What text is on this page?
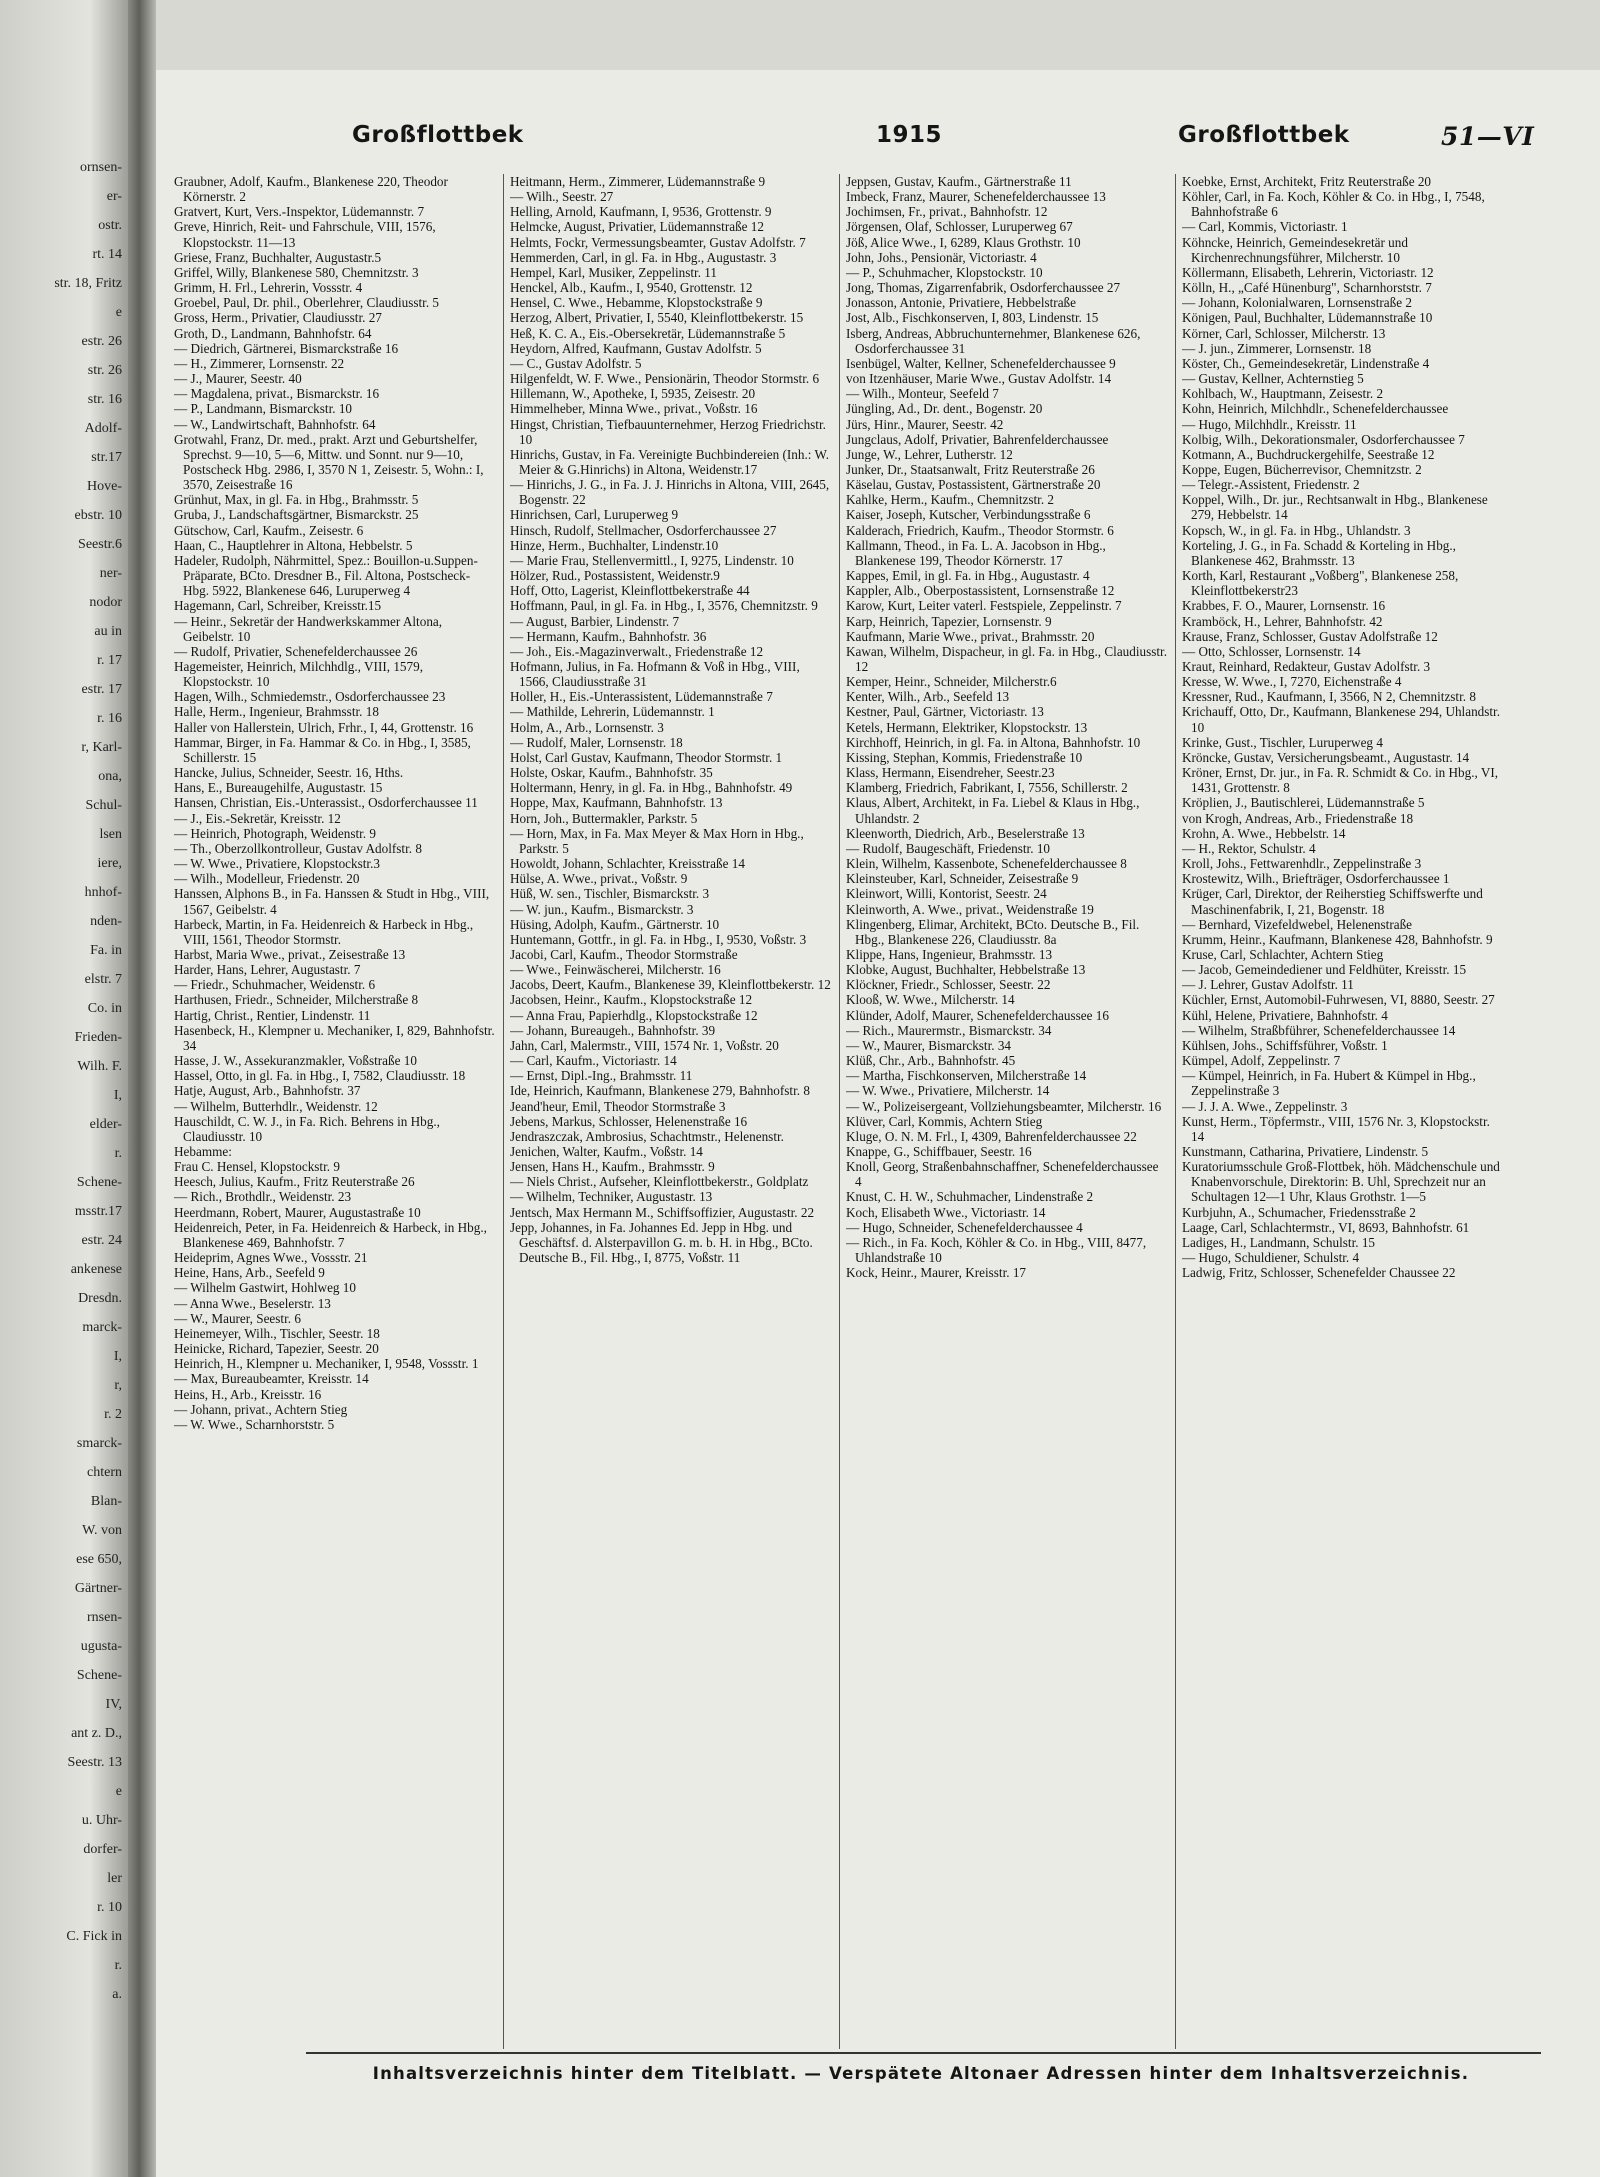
ornsen-
er-
ostr.
rt. 14
str. 18, Fritz
e
estr. 26
str. 26
str. 16
Adolf-
str.17
Hove-
ebstr. 10
Seestr.6
ner-
nodor
au in
r. 17
estr. 17
r. 16
r, Karl-
ona,
Schul-
lsen
iere,
hnhof-
nden-
Fa. in
elstr. 7
Co. in
Frieden-
Wilh. F.
I,
elder-
r.
Schene-
msstr.17
estr. 24
ankenese
Dresdn.
marck-
I,
r,
r. 2
smarck-
chtern
Blan-
W. von
ese 650,
Gärtner-
rnsen-
ugusta-
Schene-
IV,
ant z. D.,
Seestr. 13
e
u. Uhr-
dorfer-
ler
r. 10
C. Fick in
r.
a.
Großflottbek	1915	Großflottbek	51—VI

Graubner, Adolf, Kaufm., Blankenese 220, Theodor Körnerstr. 2

Gratvert, Kurt, Vers.-Inspektor, Lüdemannstr. 7

Greve, Hinrich, Reit- und Fahrschule, VIII, 1576, Klopstockstr. 11—13

Griese, Franz, Buchhalter, Augustastr.5

Griffel, Willy, Blankenese 580, Chemnitzstr. 3

Grimm, H. Frl., Lehrerin, Vossstr. 4

Groebel, Paul, Dr. phil., Oberlehrer, Claudiusstr. 5

Gross, Herm., Privatier, Claudiusstr. 27

Groth, D., Landmann, Bahnhofstr. 64

— Diedrich, Gärtnerei, Bismarckstraße 16

— H., Zimmerer, Lornsenstr. 22

— J., Maurer, Seestr. 40

— Magdalena, privat., Bismarckstr. 16

— P., Landmann, Bismarckstr. 10

— W., Landwirtschaft, Bahnhofstr. 64

Grotwahl, Franz, Dr. med., prakt. Arzt und Geburtshelfer, Sprechst. 9—10, 5—6, Mittw. und Sonnt. nur 9—10, Postscheck Hbg. 2986, I, 3570 N 1, Zeisestr. 5, Wohn.: I, 3570, Zeisestraße 16

Grünhut, Max, in gl. Fa. in Hbg., Brahmsstr. 5

Gruba, J., Landschaftsgärtner, Bismarckstr. 25

Gütschow, Carl, Kaufm., Zeisestr. 6

Haan, C., Hauptlehrer in Altona, Hebbelstr. 5

Hadeler, Rudolph, Nährmittel, Spez.: Bouillon-u.Suppen-Präparate, BCto. Dresdner B., Fil. Altona, Postscheck- Hbg. 5922, Blankenese 646, Luruperweg 4

Hagemann, Carl, Schreiber, Kreisstr.15

— Heinr., Sekretär der Handwerkskammer Altona, Geibelstr. 10

— Rudolf, Privatier, Schenefelderchaussee 26

Hagemeister, Heinrich, Milchhdlg., VIII, 1579, Klopstockstr. 10

Hagen, Wilh., Schmiedemstr., Osdorferchaussee 23

Halle, Herm., Ingenieur, Brahmsstr. 18

Haller von Hallerstein, Ulrich, Frhr., I, 44, Grottenstr. 16

Hammar, Birger, in Fa. Hammar & Co. in Hbg., I, 3585, Schillerstr. 15

Hancke, Julius, Schneider, Seestr. 16, Hths.

Hans, E., Bureaugehilfe, Augustastr. 15

Hansen, Christian, Eis.-Unterassist., Osdorferchaussee 11

— J., Eis.-Sekretär, Kreisstr. 12

— Heinrich, Photograph, Weidenstr. 9

— Th., Oberzollkontrolleur, Gustav Adolfstr. 8

— W. Wwe., Privatiere, Klopstockstr.3

— Wilh., Modelleur, Friedenstr. 20

Hanssen, Alphons B., in Fa. Hanssen & Studt in Hbg., VIII, 1567, Geibelstr. 4

Harbeck, Martin, in Fa. Heidenreich & Harbeck in Hbg., VIII, 1561, Theodor Stormstr.

Harbst, Maria Wwe., privat., Zeisestraße 13

Harder, Hans, Lehrer, Augustastr. 7

— Friedr., Schuhmacher, Weidenstr. 6

Harthusen, Friedr., Schneider, Milcherstraße 8

Hartig, Christ., Rentier, Lindenstr. 11

Hasenbeck, H., Klempner u. Mechaniker, I, 829, Bahnhofstr. 34

Hasse, J. W., Assekuranzmakler, Voßstraße 10

Hassel, Otto, in gl. Fa. in Hbg., I, 7582, Claudiusstr. 18

Hatje, August, Arb., Bahnhofstr. 37

— Wilhelm, Butterhdlr., Weidenstr. 12

Hauschildt, C. W. J., in Fa. Rich. Behrens in Hbg., Claudiusstr. 10

Hebamme:

Frau C. Hensel, Klopstockstr. 9

Heesch, Julius, Kaufm., Fritz Reuterstraße 26

— Rich., Brothdlr., Weidenstr. 23

Heerdmann, Robert, Maurer, Augustastraße 10

Heidenreich, Peter, in Fa. Heidenreich & Harbeck, in Hbg., Blankenese 469, Bahnhofstr. 7

Heideprim, Agnes Wwe., Vossstr. 21

Heine, Hans, Arb., Seefeld 9

— Wilhelm Gastwirt, Hohlweg 10

— Anna Wwe., Beselerstr. 13

— W., Maurer, Seestr. 6

Heinemeyer, Wilh., Tischler, Seestr. 18

Heinicke, Richard, Tapezier, Seestr. 20

Heinrich, H., Klempner u. Mechaniker, I, 9548, Vossstr. 1

— Max, Bureaubeamter, Kreisstr. 14

Heins, H., Arb., Kreisstr. 16

— Johann, privat., Achtern Stieg

— W. Wwe., Scharnhorststr. 5

Heitmann, Herm., Zimmerer, Lüdemannstraße 9

— Wilh., Seestr. 27

Helling, Arnold, Kaufmann, I, 9536, Grottenstr. 9

Helmcke, August, Privatier, Lüdemannstraße 12

Helmts, Fockr, Vermessungsbeamter, Gustav Adolfstr. 7

Hemmerden, Carl, in gl. Fa. in Hbg., Augustastr. 3

Hempel, Karl, Musiker, Zeppelinstr. 11

Henckel, Alb., Kaufm., I, 9540, Grottenstr. 12

Hensel, C. Wwe., Hebamme, Klopstockstraße 9

Herzog, Albert, Privatier, I, 5540, Kleinflottbekerstr. 15

Heß, K. C. A., Eis.-Obersekretär, Lüdemannstraße 5

Heydorn, Alfred, Kaufmann, Gustav Adolfstr. 5

— C., Gustav Adolfstr. 5

Hilgenfeldt, W. F. Wwe., Pensionärin, Theodor Stormstr. 6

Hillemann, W., Apotheke, I, 5935, Zeisestr. 20

Himmelheber, Minna Wwe., privat., Voßstr. 16

Hingst, Christian, Tiefbauunternehmer, Herzog Friedrichstr. 10

Hinrichs, Gustav, in Fa. Vereinigte Buchbindereien (Inh.: W. Meier & G.Hinrichs) in Altona, Weidenstr.17

— Hinrichs, J. G., in Fa. J. J. Hinrichs in Altona, VIII, 2645, Bogenstr. 22

Hinrichsen, Carl, Luruperweg 9

Hinsch, Rudolf, Stellmacher, Osdorferchaussee 27

Hinze, Herm., Buchhalter, Lindenstr.10

— Marie Frau, Stellenvermittl., I, 9275, Lindenstr. 10

Hölzer, Rud., Postassistent, Weidenstr.9

Hoff, Otto, Lagerist, Kleinflottbekerstraße 44

Hoffmann, Paul, in gl. Fa. in Hbg., I, 3576, Chemnitzstr. 9

— August, Barbier, Lindenstr. 7

— Hermann, Kaufm., Bahnhofstr. 36

— Joh., Eis.-Magazinverwalt., Friedenstraße 12

Hofmann, Julius, in Fa. Hofmann & Voß in Hbg., VIII, 1566, Claudiusstraße 31

Holler, H., Eis.-Unterassistent, Lüdemannstraße 7

— Mathilde, Lehrerin, Lüdemannstr. 1

Holm, A., Arb., Lornsenstr. 3

— Rudolf, Maler, Lornsenstr. 18

Holst, Carl Gustav, Kaufmann, Theodor Stormstr. 1

Holste, Oskar, Kaufm., Bahnhofstr. 35

Holtermann, Henry, in gl. Fa. in Hbg., Bahnhofstr. 49

Hoppe, Max, Kaufmann, Bahnhofstr. 13

Horn, Joh., Buttermakler, Parkstr. 5

— Horn, Max, in Fa. Max Meyer & Max Horn in Hbg., Parkstr. 5

Howoldt, Johann, Schlachter, Kreisstraße 14

Hülse, A. Wwe., privat., Voßstr. 9

Hüß, W. sen., Tischler, Bismarckstr. 3

— W. jun., Kaufm., Bismarckstr. 3

Hüsing, Adolph, Kaufm., Gärtnerstr. 10

Huntemann, Gottfr., in gl. Fa. in Hbg., I, 9530, Voßstr. 3

Jacobi, Carl, Kaufm., Theodor Stormstraße

— Wwe., Feinwäscherei, Milcherstr. 16

Jacobs, Deert, Kaufm., Blankenese 39, Kleinflottbekerstr. 12

Jacobsen, Heinr., Kaufm., Klopstockstraße 12

— Anna Frau, Papierhdlg., Klopstockstraße 12

— Johann, Bureaugeh., Bahnhofstr. 39

Jahn, Carl, Malermstr., VIII, 1574 Nr. 1, Voßstr. 20

— Carl, Kaufm., Victoriastr. 14

— Ernst, Dipl.-Ing., Brahmsstr. 11

Ide, Heinrich, Kaufmann, Blankenese 279, Bahnhofstr. 8

Jeand'heur, Emil, Theodor Stormstraße 3

Jebens, Markus, Schlosser, Helenenstraße 16

Jendraszczak, Ambrosius, Schachtmstr., Helenenstr.

Jenichen, Walter, Kaufm., Voßstr. 14

Jensen, Hans H., Kaufm., Brahmsstr. 9

— Niels Christ., Aufseher, Kleinflottbekerstr., Goldplatz

— Wilhelm, Techniker, Augustastr. 13

Jentsch, Max Hermann M., Schiffsoffizier, Augustastr. 22

Jepp, Johannes, in Fa. Johannes Ed. Jepp in Hbg. und Geschäftsf. d. Alsterpavillon G. m. b. H. in Hbg., BCto. Deutsche B., Fil. Hbg., I, 8775, Voßstr. 11

Jeppsen, Gustav, Kaufm., Gärtnerstraße 11

Imbeck, Franz, Maurer, Schenefelderchaussee 13

Jochimsen, Fr., privat., Bahnhofstr. 12

Jörgensen, Olaf, Schlosser, Luruperweg 67

Jöß, Alice Wwe., I, 6289, Klaus Grothstr. 10

John, Johs., Pensionär, Victoriastr. 4

— P., Schuhmacher, Klopstockstr. 10

Jong, Thomas, Zigarrenfabrik, Osdorferchaussee 27

Jonasson, Antonie, Privatiere, Hebbelstraße

Jost, Alb., Fischkonserven, I, 803, Lindenstr. 15

Isberg, Andreas, Abbruchunternehmer, Blankenese 626, Osdorferchaussee 31

Isenbügel, Walter, Kellner, Schenefelderchaussee 9

von Itzenhäuser, Marie Wwe., Gustav Adolfstr. 14

— Wilh., Monteur, Seefeld 7

Jüngling, Ad., Dr. dent., Bogenstr. 20

Jürs, Hinr., Maurer, Seestr. 42

Jungclaus, Adolf, Privatier, Bahrenfelderchaussee

Junge, W., Lehrer, Lutherstr. 12

Junker, Dr., Staatsanwalt, Fritz Reuterstraße 26

Käselau, Gustav, Postassistent, Gärtnerstraße 20

Kahlke, Herm., Kaufm., Chemnitzstr. 2

Kaiser, Joseph, Kutscher, Verbindungsstraße 6

Kalderach, Friedrich, Kaufm., Theodor Stormstr. 6

Kallmann, Theod., in Fa. L. A. Jacobson in Hbg., Blankenese 199, Theodor Körnerstr. 17

Kappes, Emil, in gl. Fa. in Hbg., Augustastr. 4

Kappler, Alb., Oberpostassistent, Lornsenstraße 12

Karow, Kurt, Leiter vaterl. Festspiele, Zeppelinstr. 7

Karp, Heinrich, Tapezier, Lornsenstr. 9

Kaufmann, Marie Wwe., privat., Brahmsstr. 20

Kawan, Wilhelm, Dispacheur, in gl. Fa. in Hbg., Claudiusstr. 12

Kemper, Heinr., Schneider, Milcherstr.6

Kenter, Wilh., Arb., Seefeld 13

Kestner, Paul, Gärtner, Victoriastr. 13

Ketels, Hermann, Elektriker, Klopstockstr. 13

Kirchhoff, Heinrich, in gl. Fa. in Altona, Bahnhofstr. 10

Kissing, Stephan, Kommis, Friedenstraße 10

Klass, Hermann, Eisendreher, Seestr.23

Klamberg, Friedrich, Fabrikant, I, 7556, Schillerstr. 2

Klaus, Albert, Architekt, in Fa. Liebel & Klaus in Hbg., Uhlandstr. 2

Kleenworth, Diedrich, Arb., Beselerstraße 13

— Rudolf, Baugeschäft, Friedenstr. 10

Klein, Wilhelm, Kassenbote, Schenefelderchaussee 8

Kleinsteuber, Karl, Schneider, Zeisestraße 9

Kleinwort, Willi, Kontorist, Seestr. 24

Kleinworth, A. Wwe., privat., Weidenstraße 19

Klingenberg, Elimar, Architekt, BCto. Deutsche B., Fil. Hbg., Blankenese 226, Claudiusstr. 8a

Klippe, Hans, Ingenieur, Brahmsstr. 13

Klobke, August, Buchhalter, Hebbelstraße 13

Klöckner, Friedr., Schlosser, Seestr. 22

Klooß, W. Wwe., Milcherstr. 14

Klünder, Adolf, Maurer, Schenefelderchaussee 16

— Rich., Maurermstr., Bismarckstr. 34

— W., Maurer, Bismarckstr. 34

Klüß, Chr., Arb., Bahnhofstr. 45

— Martha, Fischkonserven, Milcherstraße 14

— W. Wwe., Privatiere, Milcherstr. 14

— W., Polizeisergeant, Vollziehungsbeamter, Milcherstr. 16

Klüver, Carl, Kommis, Achtern Stieg

Kluge, O. N. M. Frl., I, 4309, Bahrenfelderchaussee 22

Knappe, G., Schiffbauer, Seestr. 16

Knoll, Georg, Straßenbahnschaffner, Schenefelderchaussee 4

Knust, C. H. W., Schuhmacher, Lindenstraße 2

Koch, Elisabeth Wwe., Victoriastr. 14

— Hugo, Schneider, Schenefelderchaussee 4

— Rich., in Fa. Koch, Köhler & Co. in Hbg., VIII, 8477, Uhlandstraße 10

Kock, Heinr., Maurer, Kreisstr. 17

Koebke, Ernst, Architekt, Fritz Reuterstraße 20

Köhler, Carl, in Fa. Koch, Köhler & Co. in Hbg., I, 7548, Bahnhofstraße 6

— Carl, Kommis, Victoriastr. 1

Köhncke, Heinrich, Gemeindesekretär und Kirchenrechnungsführer, Milcherstr. 10

Köllermann, Elisabeth, Lehrerin, Victoriastr. 12

Kölln, H., „Café Hünenburg", Scharnhorststr. 7

— Johann, Kolonialwaren, Lornsenstraße 2

Königen, Paul, Buchhalter, Lüdemannstraße 10

Körner, Carl, Schlosser, Milcherstr. 13

— J. jun., Zimmerer, Lornsenstr. 18

Köster, Ch., Gemeindesekretär, Lindenstraße 4

— Gustav, Kellner, Achternstieg 5

Kohlbach, W., Hauptmann, Zeisestr. 2

Kohn, Heinrich, Milchhdlr., Schenefelderchaussee

— Hugo, Milchhdlr., Kreisstr. 11

Kolbig, Wilh., Dekorationsmaler, Osdorferchaussee 7

Kotmann, A., Buchdruckergehilfe, Seestraße 12

Koppe, Eugen, Bücherrevisor, Chemnitzstr. 2

— Telegr.-Assistent, Friedenstr. 2

Koppel, Wilh., Dr. jur., Rechtsanwalt in Hbg., Blankenese 279, Hebbelstr. 14

Kopsch, W., in gl. Fa. in Hbg., Uhlandstr. 3

Korteling, J. G., in Fa. Schadd & Korteling in Hbg., Blankenese 462, Brahmsstr. 13

Korth, Karl, Restaurant „Voßberg", Blankenese 258, Kleinflottbekerstr23

Krabbes, F. O., Maurer, Lornsenstr. 16

Kramböck, H., Lehrer, Bahnhofstr. 42

Krause, Franz, Schlosser, Gustav Adolfstraße 12

— Otto, Schlosser, Lornsenstr. 14

Kraut, Reinhard, Redakteur, Gustav Adolfstr. 3

Kresse, W. Wwe., I, 7270, Eichenstraße 4

Kressner, Rud., Kaufmann, I, 3566, N 2, Chemnitzstr. 8

Krichauff, Otto, Dr., Kaufmann, Blankenese 294, Uhlandstr. 10

Krinke, Gust., Tischler, Luruperweg 4

Kröncke, Gustav, Versicherungsbeamt., Augustastr. 14

Kröner, Ernst, Dr. jur., in Fa. R. Schmidt & Co. in Hbg., VI, 1431, Grottenstr. 8

Kröplien, J., Bautischlerei, Lüdemannstraße 5

von Krogh, Andreas, Arb., Friedenstraße 18

Krohn, A. Wwe., Hebbelstr. 14

— H., Rektor, Schulstr. 4

Kroll, Johs., Fettwarenhdlr., Zeppelinstraße 3

Krostewitz, Wilh., Briefträger, Osdorferchaussee 1

Krüger, Carl, Direktor, der Reiherstieg Schiffswerfte und Maschinenfabrik, I, 21, Bogenstr. 18

— Bernhard, Vizefeldwebel, Helenenstraße

Krumm, Heinr., Kaufmann, Blankenese 428, Bahnhofstr. 9

Kruse, Carl, Schlachter, Achtern Stieg

— Jacob, Gemeindediener und Feldhüter, Kreisstr. 15

— J. Lehrer, Gustav Adolfstr. 11

Küchler, Ernst, Automobil-Fuhrwesen, VI, 8880, Seestr. 27

Kühl, Helene, Privatiere, Bahnhofstr. 4

— Wilhelm, Straßbführer, Schenefelderchaussee 14

Kühlsen, Johs., Schiffsführer, Voßstr. 1

Kümpel, Adolf, Zeppelinstr. 7

— Kümpel, Heinrich, in Fa. Hubert & Kümpel in Hbg., Zeppelinstraße 3

— J. J. A. Wwe., Zeppelinstr. 3

Kunst, Herm., Töpfermstr., VIII, 1576 Nr. 3, Klopstockstr. 14

Kunstmann, Catharina, Privatiere, Lindenstr. 5

Kuratoriumsschule Groß-Flottbek, höh. Mädchenschule und Knabenvorschule, Direktorin: B. Uhl, Sprechzeit nur an Schultagen 12—1 Uhr, Klaus Grothstr. 1—5

Kurbjuhn, A., Schumacher, Friedensstraße 2

Laage, Carl, Schlachtermstr., VI, 8693, Bahnhofstr. 61

Ladiges, H., Landmann, Schulstr. 15

— Hugo, Schuldiener, Schulstr. 4

Ladwig, Fritz, Schlosser, Schenefelder Chaussee 22

Inhaltsverzeichnis hinter dem Titelblatt. — Verspätete Altonaer Adressen hinter dem Inhaltsverzeichnis.
